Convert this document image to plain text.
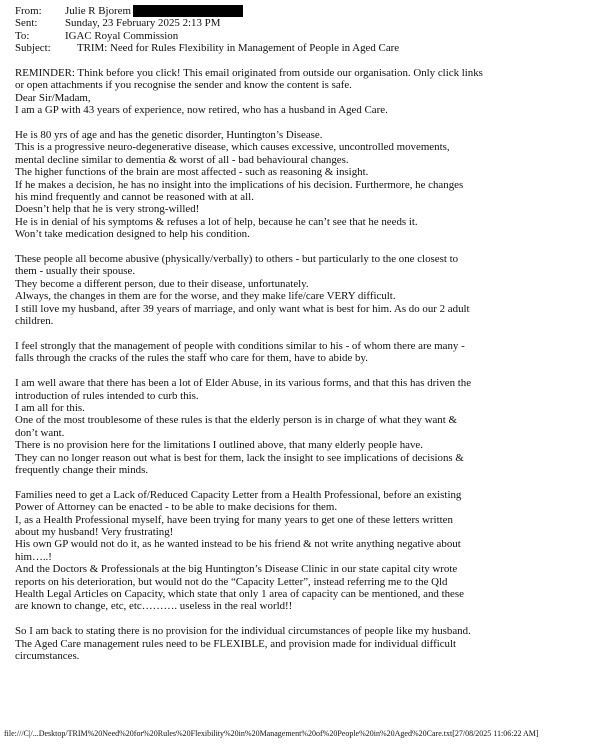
From:	Julie R Bjorem
Sent:	Sunday, 23 February 2025 2:13 PM
To:	IGAC Royal Commission
Subject:	TRIM: Need for Rules Flexibility in Management of People in Aged Care
REMINDER: Think before you click! This email originated from outside our organisation. Only click links
or open attachments if you recognise the sender and know the content is safe.
Dear Sir/Madam,
I am a GP with 43 years of experience, now retired, who has a husband in Aged Care.
He is 80 yrs of age and has the genetic disorder, Huntington’s Disease.
This is a progressive neuro-degenerative disease, which causes excessive, uncontrolled movements,
mental decline similar to dementia & worst of all - bad behavioural changes.
The higher functions of the brain are most affected - such as reasoning & insight.
If he makes a decision, he has no insight into the implications of his decision. Furthermore, he changes
his mind frequently and cannot be reasoned with at all.
Doesn’t help that he is very strong-willed!
He is in denial of his symptoms & refuses a lot of help, because he can’t see that he needs it.
Won’t take medication designed to help his condition.
These people all become abusive (physically/verbally) to others - but particularly to the one closest to
them - usually their spouse.
They become a different person, due to their disease, unfortunately.
Always, the changes in them are for the worse, and they make life/care VERY difficult.
I still love my husband, after 39 years of marriage, and only want what is best for him. As do our 2 adult
children.
I feel strongly that the management of people with conditions similar to his - of whom there are many -
falls through the cracks of the rules the staff who care for them, have to abide by.
I am well aware that there has been a lot of Elder Abuse, in its various forms, and that this has driven the
introduction of rules intended to curb this.
I am all for this.
One of the most troublesome of these rules is that the elderly person is in charge of what they want &
don’t want.
There is no provision here for the limitations I outlined above, that many elderly people have.
They can no longer reason out what is best for them, lack the insight to see implications of decisions &
frequently change their minds.
Families need to get a Lack of/Reduced Capacity Letter from a Health Professional, before an existing
Power of Attorney can be enacted - to be able to make decisions for them.
I, as a Health Professional myself, have been trying for many years to get one of these letters written
about my husband! Very frustrating!
His own GP would not do it, as he wanted instead to be his friend & not write anything negative about
him…..!
And the Doctors & Professionals at the big Huntington’s Disease Clinic in our state capital city wrote
reports on his deterioration, but would not do the “Capacity Letter”, instead referring me to the Qld
Health Legal Articles on Capacity, which state that only 1 area of capacity can be mentioned, and these
are known to change, etc, etc………. useless in the real world!!
So I am back to stating there is no provision for the individual circumstances of people like my husband.
The Aged Care management rules need to be FLEXIBLE, and provision made for individual difficult
circumstances.
file:///C|/...Desktop/TRIM%20Need%20for%20Rules%20Flexibility%20in%20Management%20of%20People%20in%20Aged%20Care.txt[27/08/2025 11:06:22 AM]
